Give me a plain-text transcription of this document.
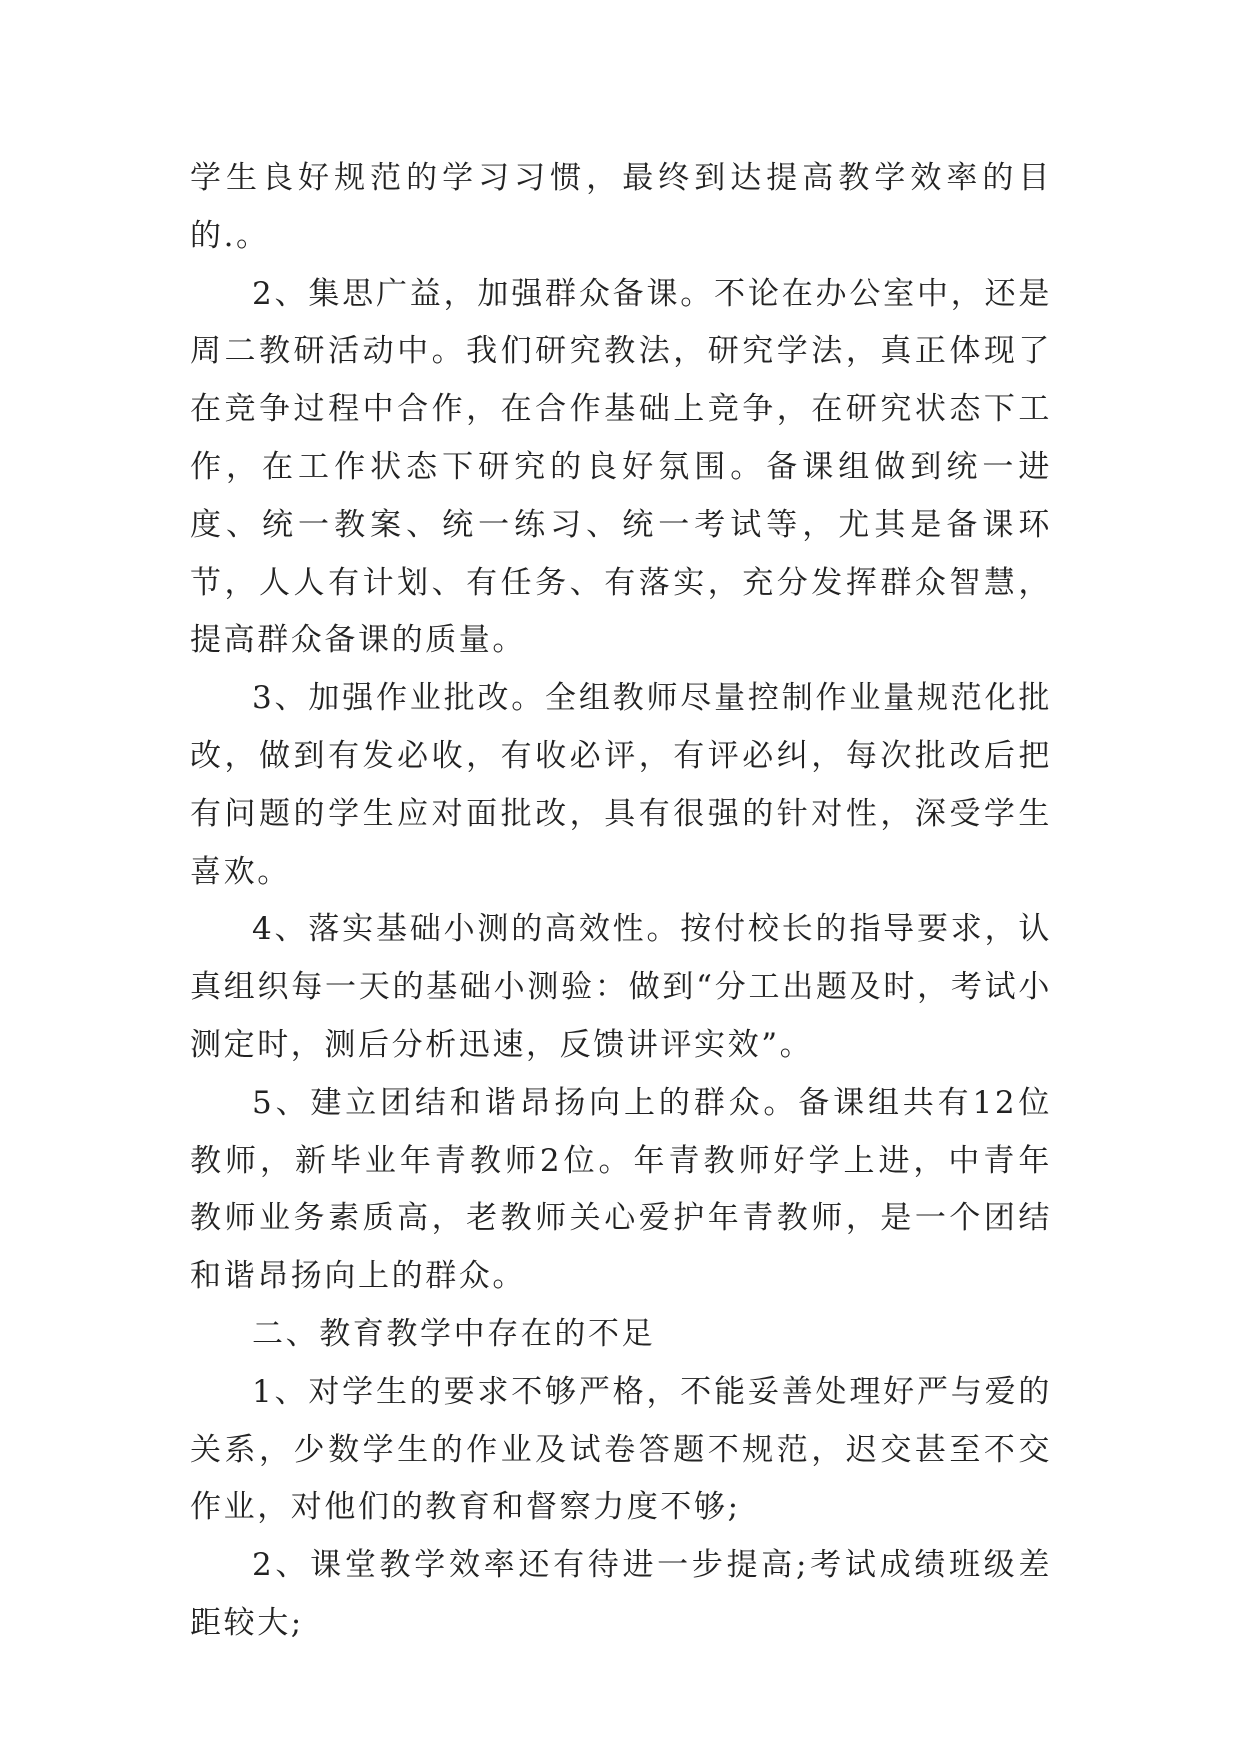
学生良好规范的学习习惯，最终到达提高教学效率的目的.。

2、集思广益，加强群众备课。不论在办公室中，还是周二教研活动中。我们研究教法，研究学法，真正体现了在竞争过程中合作，在合作基础上竞争，在研究状态下工作，在工作状态下研究的良好氛围。备课组做到统一进度、统一教案、统一练习、统一考试等，尤其是备课环节，人人有计划、有任务、有落实，充分发挥群众智慧，提高群众备课的质量。

3、加强作业批改。全组教师尽量控制作业量规范化批改，做到有发必收，有收必评，有评必纠，每次批改后把有问题的学生应对面批改，具有很强的针对性，深受学生喜欢。

4、落实基础小测的高效性。按付校长的指导要求，认真组织每一天的基础小测验：做到“分工出题及时，考试小测定时，测后分析迅速，反馈讲评实效”。

5、建立团结和谐昂扬向上的群众。备课组共有12位教师，新毕业年青教师2位。年青教师好学上进，中青年教师业务素质高，老教师关心爱护年青教师，是一个团结和谐昂扬向上的群众。

二、教育教学中存在的不足

1、对学生的要求不够严格，不能妥善处理好严与爱的关系，少数学生的作业及试卷答题不规范，迟交甚至不交作业，对他们的教育和督察力度不够;

2、课堂教学效率还有待进一步提高;考试成绩班级差距较大;
